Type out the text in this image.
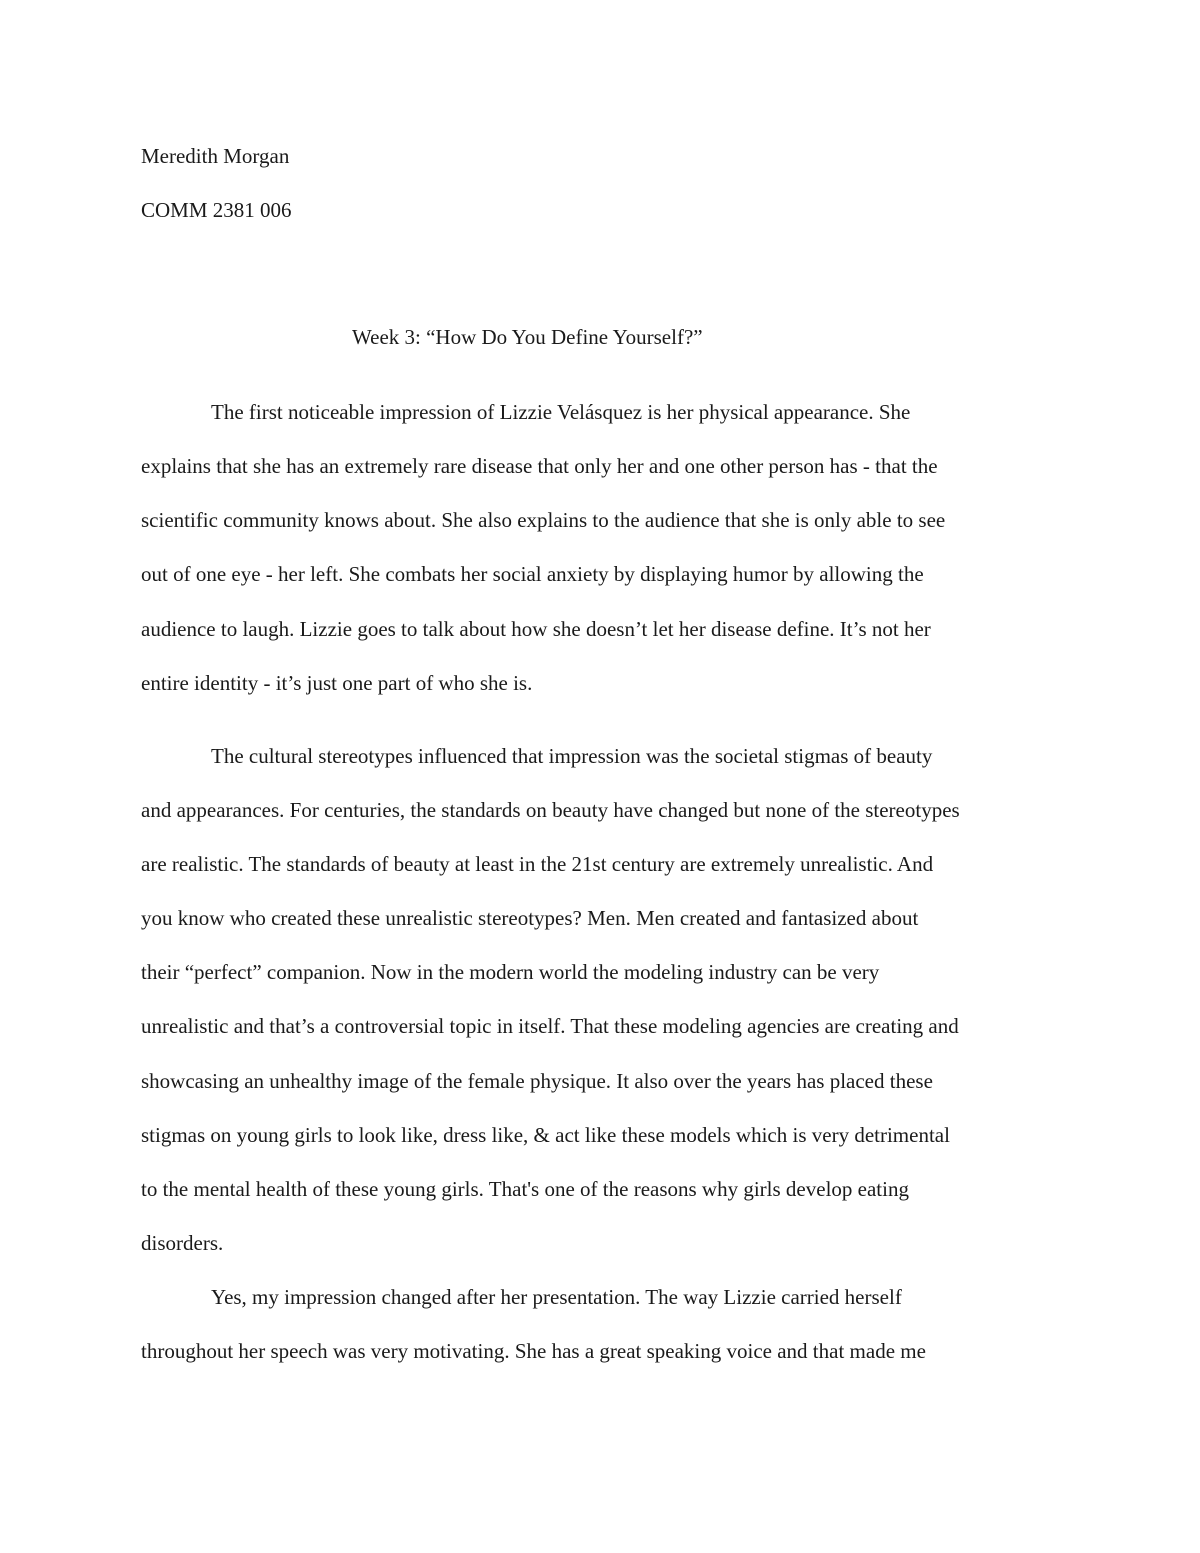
Meredith Morgan
COMM 2381 006
Week 3: “How Do You Define Yourself?”
The first noticeable impression of Lizzie Velásquez is her physical appearance. She
explains that she has an extremely rare disease that only her and one other person has - that the
scientific community knows about. She also explains to the audience that she is only able to see
out of one eye - her left. She combats her social anxiety by displaying humor by allowing the
audience to laugh. Lizzie goes to talk about how she doesn’t let her disease define. It’s not her
entire identity - it’s just one part of who she is.
The cultural stereotypes influenced that impression was the societal stigmas of beauty
and appearances. For centuries, the standards on beauty have changed but none of the stereotypes
are realistic. The standards of beauty at least in the 21st century are extremely unrealistic. And
you know who created these unrealistic stereotypes? Men. Men created and fantasized about
their “perfect” companion. Now in the modern world the modeling industry can be very
unrealistic and that’s a controversial topic in itself. That these modeling agencies are creating and
showcasing an unhealthy image of the female physique. It also over the years has placed these
stigmas on young girls to look like, dress like, & act like these models which is very detrimental
to the mental health of these young girls. That's one of the reasons why girls develop eating
disorders.
Yes, my impression changed after her presentation. The way Lizzie carried herself
throughout her speech was very motivating. She has a great speaking voice and that made me
